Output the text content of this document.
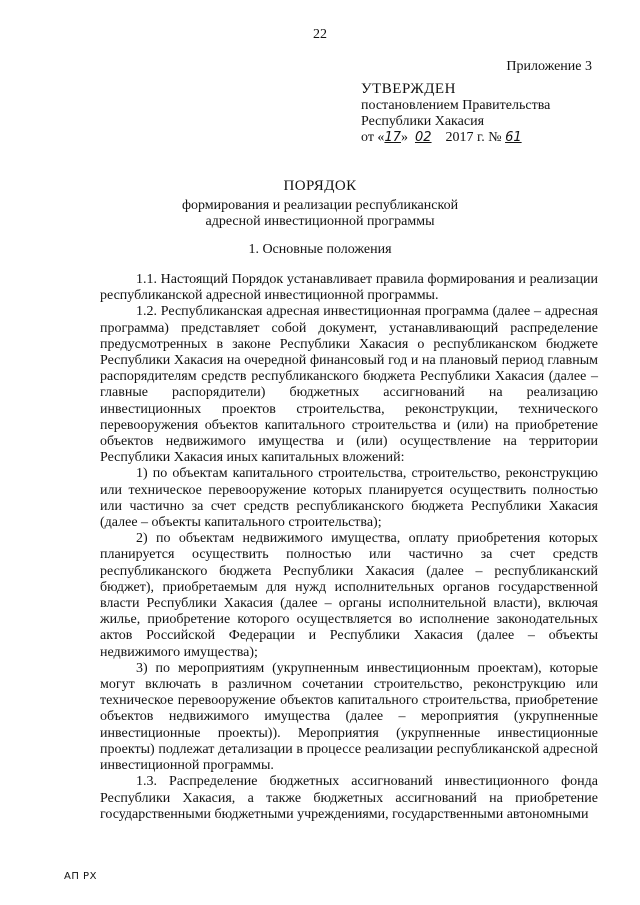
22
Приложение 3
УТВЕРЖДЕН
постановлением Правительства
Республики Хакасия
от «17» 02 2017 г. № 61
ПОРЯДОК
формирования и реализации республиканской
адресной инвестиционной программы
1. Основные положения

1.1. Настоящий Порядок устанавливает правила формирования и реализации республиканской адресной инвестиционной программы.

1.2. Республиканская адресная инвестиционная программа (далее – адресная программа) представляет собой документ, устанавливающий распределение предусмотренных в законе Республики Хакасия о республиканском бюджете Республики Хакасия на очередной финансовый год и на плановый период главным распорядителям средств республиканского бюджета Республики Хакасия (далее – главные распорядители) бюджетных ассигнований на реализацию инвестиционных проектов строительства, реконструкции, технического перевооружения объектов капитального строительства и (или) на приобретение объектов недвижимого имущества и (или) осуществление на территории Республики Хакасия иных капитальных вложений:

1) по объектам капитального строительства, строительство, реконструкцию или техническое перевооружение которых планируется осуществить полностью или частично за счет средств республиканского бюджета Республики Хакасия (далее – объекты капитального строительства);

2) по объектам недвижимого имущества, оплату приобретения которых планируется осуществить полностью или частично за счет средств республиканского бюджета Республики Хакасия (далее – республиканский бюджет), приобретаемым для нужд исполнительных органов государственной власти Республики Хакасия (далее – органы исполнительной власти), включая жилье, приобретение которого осуществляется во исполнение законодательных актов Российской Федерации и Республики Хакасия (далее – объекты недвижимого имущества);

3) по мероприятиям (укрупненным инвестиционным проектам), которые могут включать в различном сочетании строительство, реконструкцию или техническое перевооружение объектов капитального строительства, приобретение объектов недвижимого имущества (далее – мероприятия (укрупненные инвестиционные проекты)). Мероприятия (укрупненные инвестиционные проекты) подлежат детализации в процессе реализации республиканской адресной инвестиционной программы.

1.3. Распределение бюджетных ассигнований инвестиционного фонда Республики Хакасия, а также бюджетных ассигнований на приобретение государственными бюджетными учреждениями, государственными автономными

АП РХ
